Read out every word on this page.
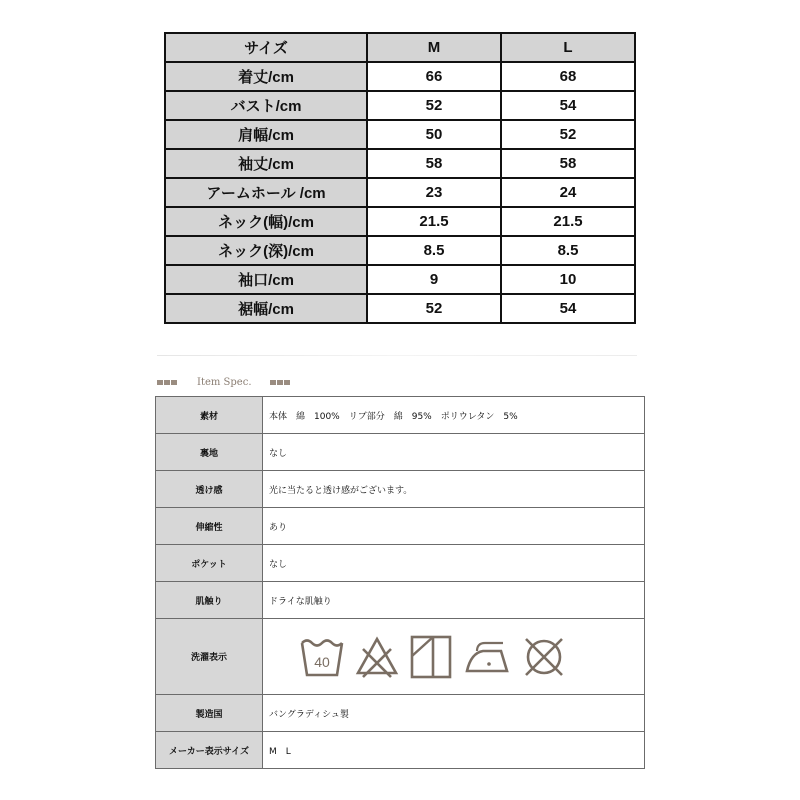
サイズ	M	L
着丈/cm	66	68
バスト/cm	52	54
肩幅/cm	50	52
袖丈/cm	58	58
アームホール /cm	23	24
ネック(幅)/cm	21.5	21.5
ネック(深)/cm	8.5	8.5
袖口/cm	9	10
裾幅/cm	52	54
Item Spec.
素材	本体　綿　100%　リブ部分　綿　95%　ポリウレタン　5%
裏地	なし
透け感	光に当たると透け感がございます。
伸縮性	あり
ポケット	なし
肌触り	ドライな肌触り
洗濯表示	40

製造国	バングラディシュ製
メーカー表示サイズ	M　L
